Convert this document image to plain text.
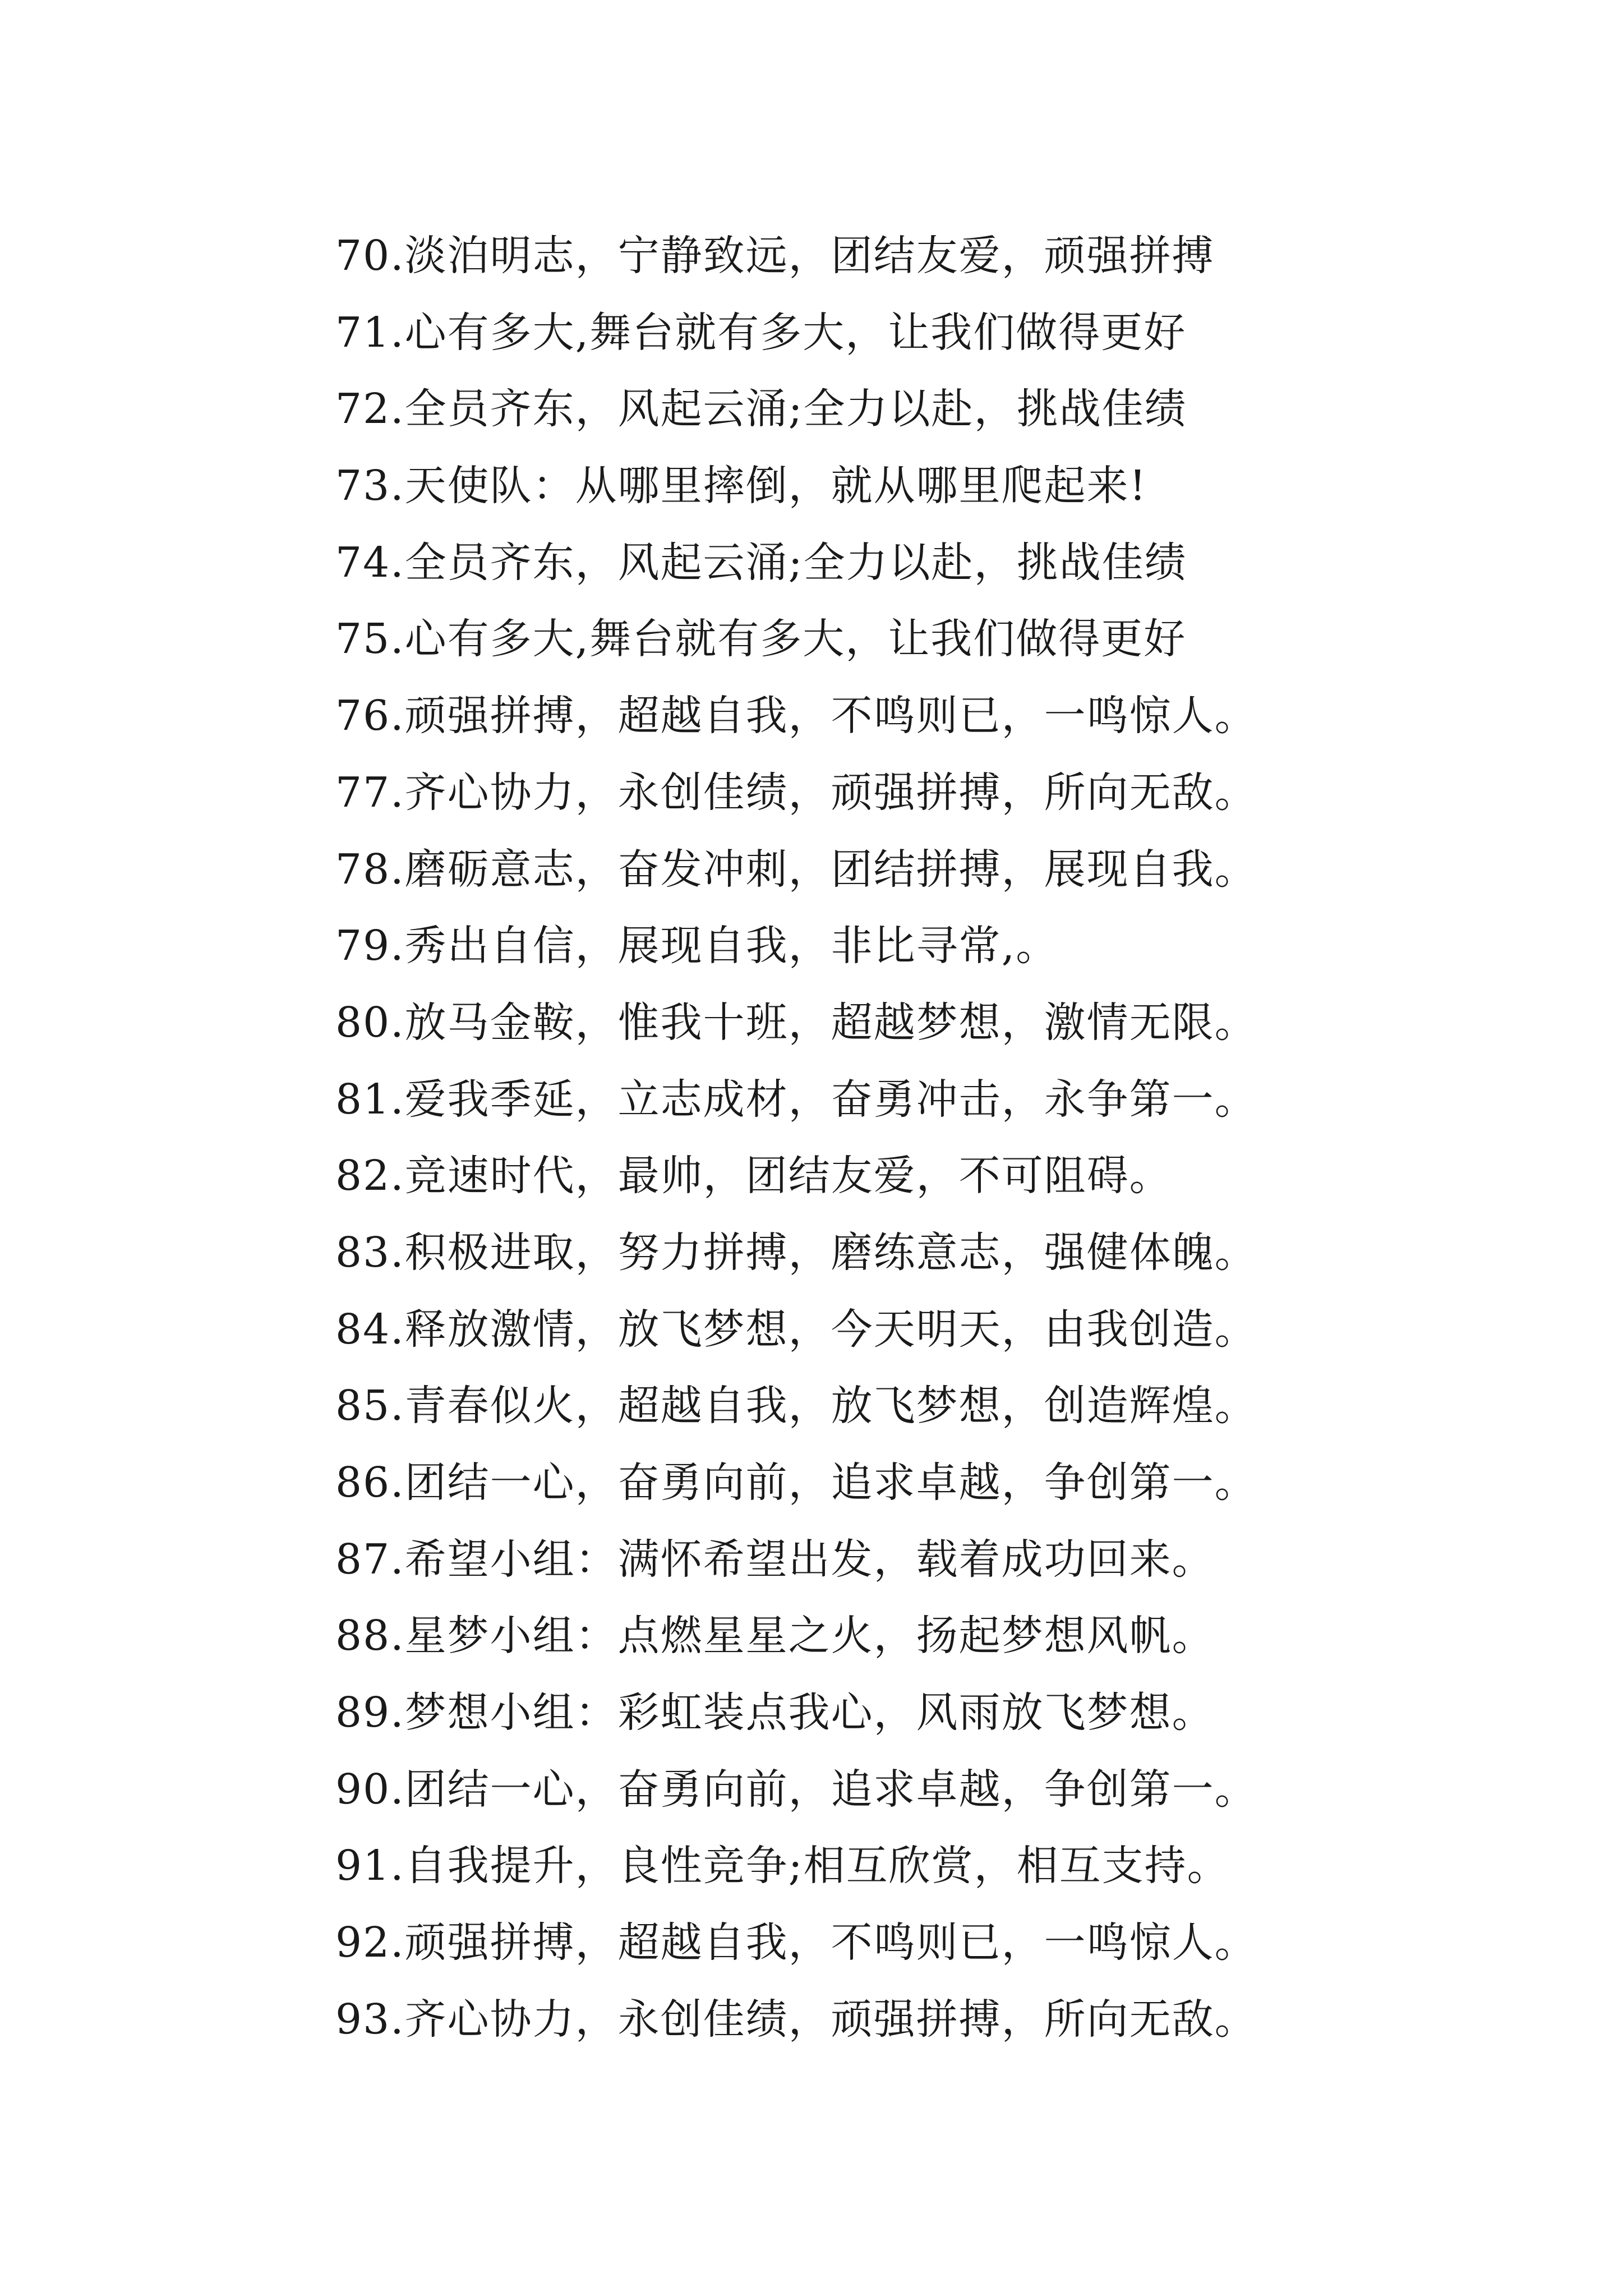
70.淡泊明志，宁静致远，团结友爱，顽强拼搏
71.心有多大,舞台就有多大，让我们做得更好
72.全员齐东，风起云涌;全力以赴，挑战佳绩
73.天使队：从哪里摔倒，就从哪里爬起来!
74.全员齐东，风起云涌;全力以赴，挑战佳绩
75.心有多大,舞台就有多大，让我们做得更好
76.顽强拼搏，超越自我，不鸣则已，一鸣惊人。
77.齐心协力，永创佳绩，顽强拼搏，所向无敌。
78.磨砺意志，奋发冲刺，团结拼搏，展现自我。
79.秀出自信，展现自我，非比寻常,。
80.放马金鞍，惟我十班，超越梦想，激情无限。
81.爱我季延，立志成材，奋勇冲击，永争第一。
82.竞速时代，最帅，团结友爱，不可阻碍。
83.积极进取，努力拼搏，磨练意志，强健体魄。
84.释放激情，放飞梦想，今天明天，由我创造。
85.青春似火，超越自我，放飞梦想，创造辉煌。
86.团结一心，奋勇向前，追求卓越，争创第一。
87.希望小组：满怀希望出发，载着成功回来。
88.星梦小组：点燃星星之火，扬起梦想风帆。
89.梦想小组：彩虹装点我心，风雨放飞梦想。
90.团结一心，奋勇向前，追求卓越，争创第一。
91.自我提升，良性竞争;相互欣赏，相互支持。
92.顽强拼搏，超越自我，不鸣则已，一鸣惊人。
93.齐心协力，永创佳绩，顽强拼搏，所向无敌。
